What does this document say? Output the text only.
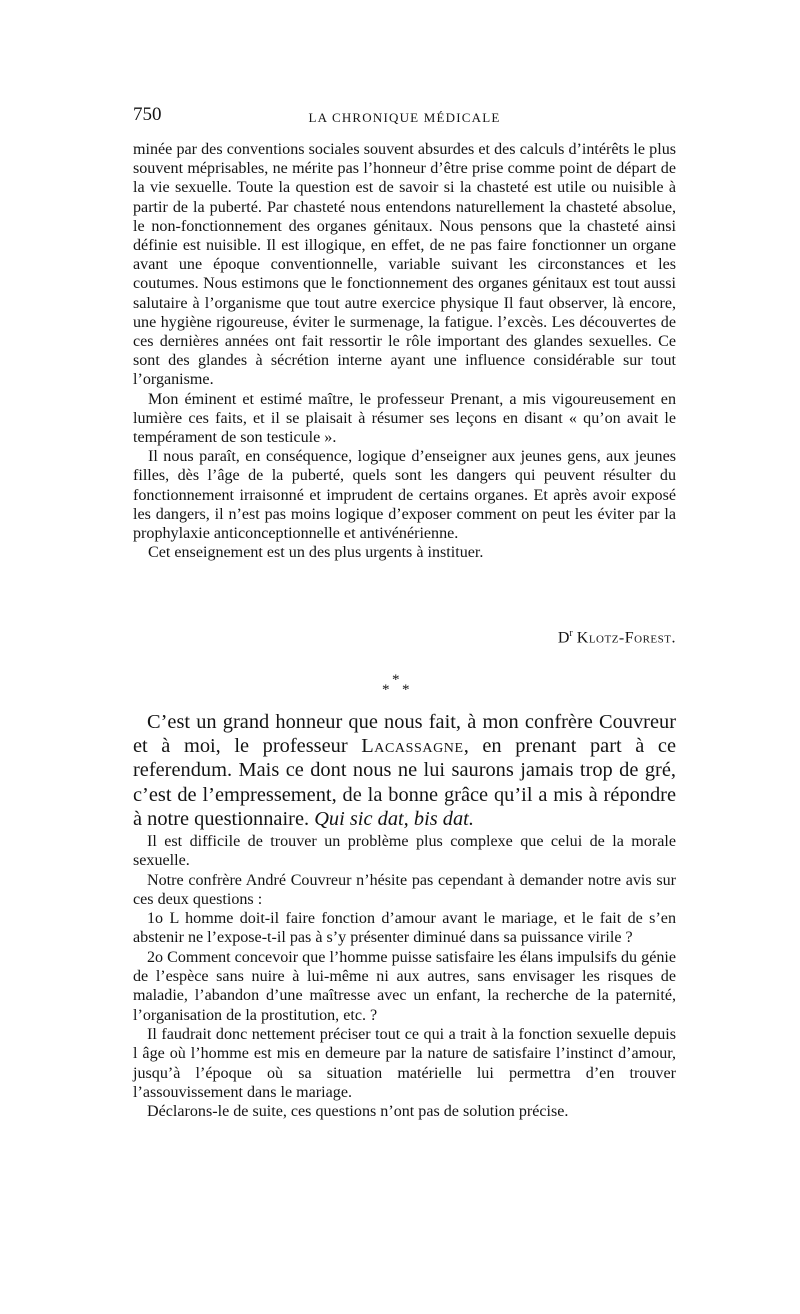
750	LA CHRONIQUE MÉDICALE

minée par des conventions sociales souvent absurdes et des calculs d’intérêts le plus souvent méprisables, ne mérite pas l’honneur d’être prise comme point de départ de la vie sexuelle. Toute la question est de savoir si la chasteté est utile ou nuisible à partir de la puberté. Par chasteté nous entendons naturellement la chasteté absolue, le non-fonctionnement des organes génitaux. Nous pensons que la chasteté ainsi définie est nuisible. Il est illogique, en effet, de ne pas faire fonctionner un organe avant une époque conventionnelle, variable suivant les circonstances et les coutumes. Nous estimons que le fonctionnement des organes génitaux est tout aussi salutaire à l’organisme que tout autre exercice physique Il faut observer, là encore, une hygiène rigoureuse, éviter le surmenage, la fatigue. l’excès. Les découvertes de ces dernières années ont fait ressortir le rôle important des glandes sexuelles. Ce sont des glandes à sécrétion interne ayant une influence considérable sur tout l’organisme.

Mon éminent et estimé maître, le professeur Prenant, a mis vigoureusement en lumière ces faits, et il se plaisait à résumer ses leçons en disant « qu’on avait le tempérament de son testicule ».

Il nous paraît, en conséquence, logique d’enseigner aux jeunes gens, aux jeunes filles, dès l’âge de la puberté, quels sont les dangers qui peuvent résulter du fonctionnement irraisonné et imprudent de certains organes. Et après avoir exposé les dangers, il n’est pas moins logique d’exposer comment on peut les éviter par la prophylaxie anticonceptionnelle et antivénérienne.

Cet enseignement est un des plus urgents à instituer.

$D^r$ Klotz-Forest.
*
* *

C’est un grand honneur que nous fait, à mon confrère Couvreur et à moi, le professeur Lacassagne, en prenant part à ce referendum. Mais ce dont nous ne lui saurons jamais trop de gré, c’est de l’empressement, de la bonne grâce qu’il a mis à répondre à notre questionnaire. Qui sic dat, bis dat.

Il est difficile de trouver un problème plus complexe que celui de la morale sexuelle.

Notre confrère André Couvreur n’hésite pas cependant à demander notre avis sur ces deux questions :

1o L homme doit-il faire fonction d’amour avant le mariage, et le fait de s’en abstenir ne l’expose-t-il pas à s’y présenter diminué dans sa puissance virile ?

2o Comment concevoir que l’homme puisse satisfaire les élans impulsifs du génie de l’espèce sans nuire à lui-même ni aux autres, sans envisager les risques de maladie, l’abandon d’une maîtresse avec un enfant, la recherche de la paternité, l’organisation de la prostitution, etc. ?

Il faudrait donc nettement préciser tout ce qui a trait à la fonction sexuelle depuis l âge où l’homme est mis en demeure par la nature de satisfaire l’instinct d’amour, jusqu’à l’époque où sa situation matérielle lui permettra d’en trouver l’assouvissement dans le mariage.

Déclarons-le de suite, ces questions n’ont pas de solution précise.
